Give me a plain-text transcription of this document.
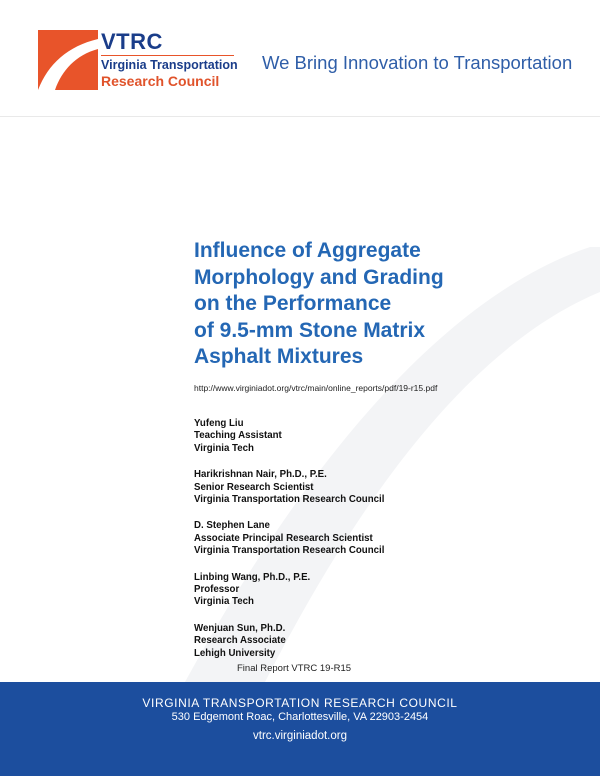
VTRC
Virginia Transportation
Research Council
We Bring Innovation to Transportation
Influence of Aggregate
Morphology and Grading
on the Performance
of 9.5-mm Stone Matrix
Asphalt Mixtures
http://www.virginiadot.org/vtrc/main/online_reports/pdf/19-r15.pdf
Yufeng Liu
Teaching Assistant
Virginia Tech
Harikrishnan Nair, Ph.D., P.E.
Senior Research Scientist
Virginia Transportation Research Council
D. Stephen Lane
Associate Principal Research Scientist
Virginia Transportation Research Council
Linbing Wang, Ph.D., P.E.
Professor
Virginia Tech
Wenjuan Sun, Ph.D.
Research Associate
Lehigh University
Final Report VTRC 19-R15
VIRGINIA TRANSPORTATION RESEARCH COUNCIL
530 Edgemont Roac, Charlottesville, VA 22903-2454
vtrc.virginiadot.org
